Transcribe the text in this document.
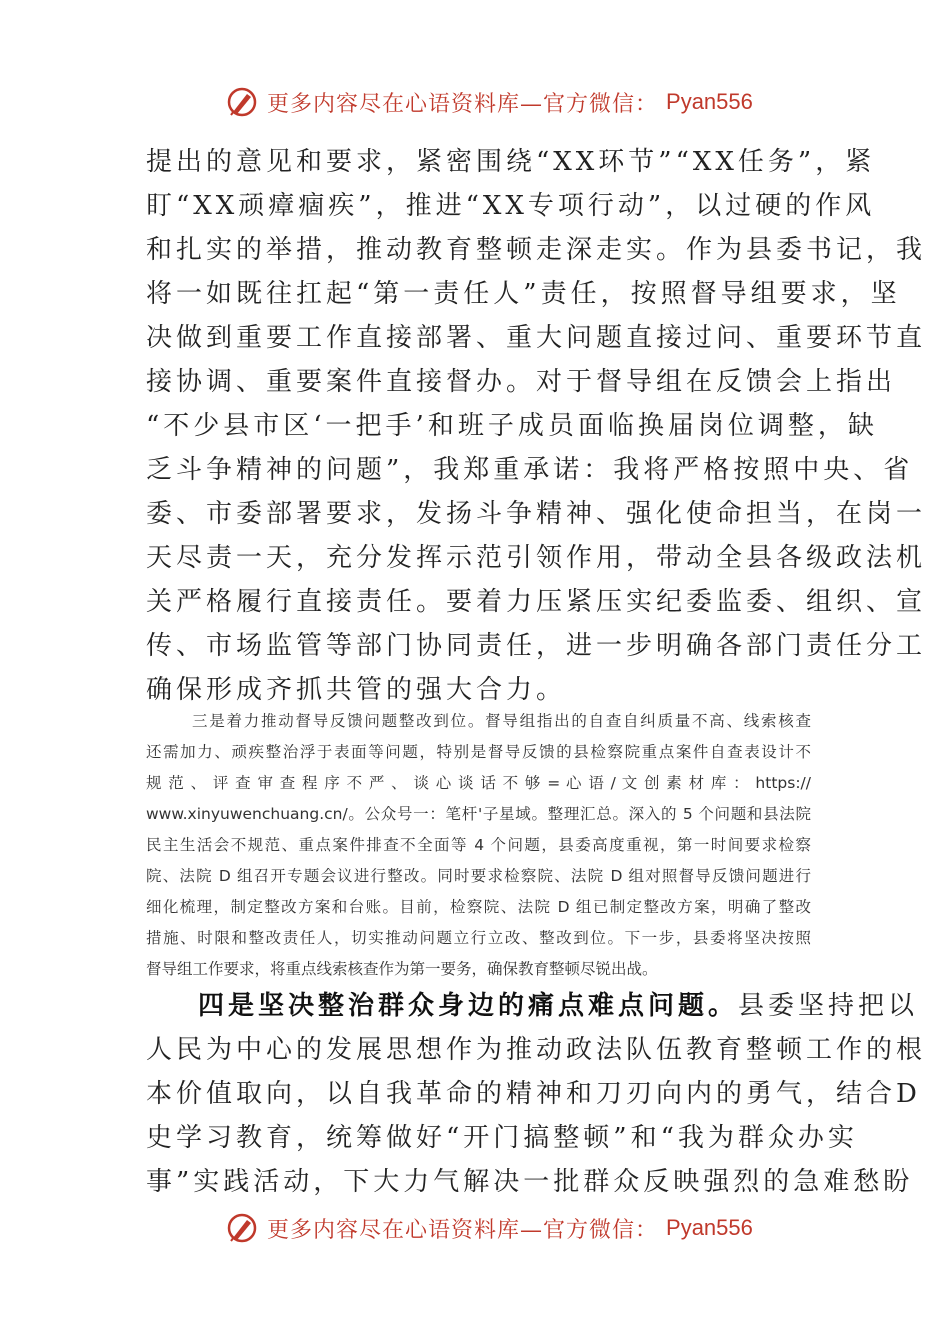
更多内容尽在心语资料库—官方微信： Pyan556
提出的意见和要求，紧密围绕“XX环节”“XX任务”，紧
盯“XX顽瘴痼疾”，推进“XX专项行动”，以过硬的作风
和扎实的举措，推动教育整顿走深走实。作为县委书记，我
将一如既往扛起“第一责任人”责任，按照督导组要求，坚
决做到重要工作直接部署、重大问题直接过问、重要环节直
接协调、重要案件直接督办。对于督导组在反馈会上指出
“不少县市区‘一把手’和班子成员面临换届岗位调整，缺
乏斗争精神的问题”，我郑重承诺：我将严格按照中央、省
委、市委部署要求，发扬斗争精神、强化使命担当，在岗一
天尽责一天，充分发挥示范引领作用，带动全县各级政法机
关严格履行直接责任。要着力压紧压实纪委监委、组织、宣
传、市场监管等部门协同责任，进一步明确各部门责任分工
确保形成齐抓共管的强大合力。
三是着力推动督导反馈问题整改到位。督导组指出的自查自纠质量不高、线索核查
还需加力、顽疾整治浮于表面等问题，特别是督导反馈的县检察院重点案件自查表设计不
规 范 、 评 查 审 查 程 序 不 严 、 谈 心 谈 话 不 够 = 心 语 / 文 创 素 材 库 ： https://
www.xinyuwenchuang.cn/。公众号一：笔杆'子星域。整理汇总。深入的 5 个问题和县法院
民主生活会不规范、重点案件排查不全面等 4 个问题，县委高度重视，第一时间要求检察
院、法院 D 组召开专题会议进行整改。同时要求检察院、法院 D 组对照督导反馈问题进行
细化梳理，制定整改方案和台账。目前，检察院、法院 D 组已制定整改方案，明确了整改
措施、时限和整改责任人，切实推动问题立行立改、整改到位。下一步，县委将坚决按照
督导组工作要求，将重点线索核查作为第一要务，确保教育整顿尽锐出战。
四是坚决整治群众身边的痛点难点问题。县委坚持把以
人民为中心的发展思想作为推动政法队伍教育整顿工作的根
本价值取向，以自我革命的精神和刀刃向内的勇气，结合D
史学习教育，统筹做好“开门搞整顿”和“我为群众办实
事”实践活动，下大力气解决一批群众反映强烈的急难愁盼
更多内容尽在心语资料库—官方微信： Pyan556
